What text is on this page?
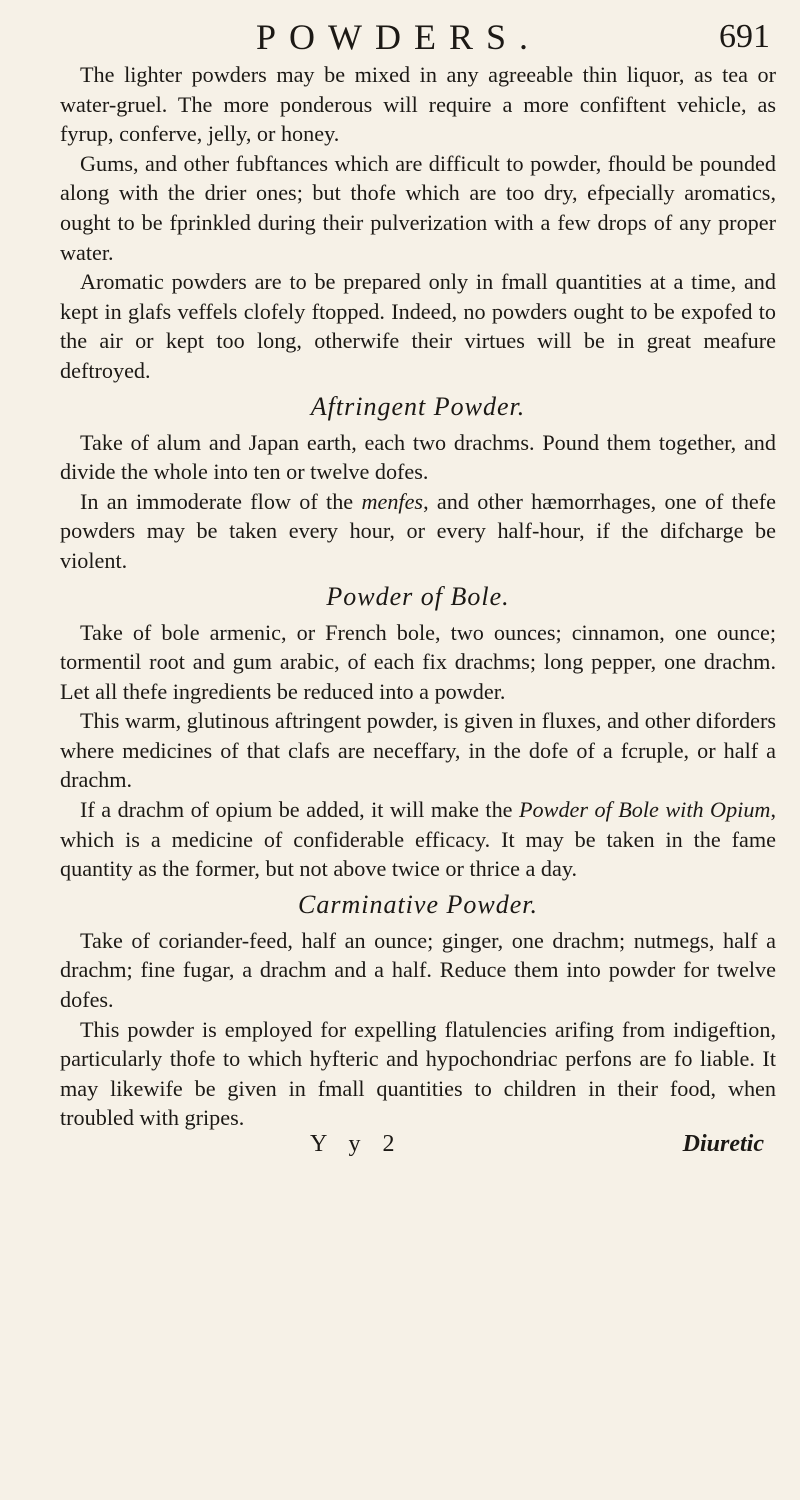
POWDERS.	691

The lighter powders may be mixed in any agreeable thin liquor, as tea or water-gruel. The more ponderous will require a more confiftent vehicle, as fyrup, conferve, jelly, or honey.

Gums, and other fubftances which are difficult to powder, fhould be pounded along with the drier ones; but thofe which are too dry, efpecially aromatics, ought to be fprinkled during their pulverization with a few drops of any proper water.

Aromatic powders are to be prepared only in fmall quantities at a time, and kept in glafs veffels clofely ftopped. Indeed, no powders ought to be expofed to the air or kept too long, otherwife their virtues will be in great meafure deftroyed.

Aftringent Powder.

Take of alum and Japan earth, each two drachms. Pound them together, and divide the whole into ten or twelve dofes.

In an immoderate flow of the menfes, and other hæmorrhages, one of thefe powders may be taken every hour, or every half-hour, if the difcharge be violent.

Powder of Bole.

Take of bole armenic, or French bole, two ounces; cinnamon, one ounce; tormentil root and gum arabic, of each fix drachms; long pepper, one drachm. Let all thefe ingredients be reduced into a powder.

This warm, glutinous aftringent powder, is given in fluxes, and other diforders where medicines of that clafs are neceffary, in the dofe of a fcruple, or half a drachm.

If a drachm of opium be added, it will make the Powder of Bole with Opium, which is a medicine of confiderable efficacy. It may be taken in the fame quantity as the former, but not above twice or thrice a day.

Carminative Powder.

Take of coriander-feed, half an ounce; ginger, one drachm; nutmegs, half a drachm; fine fugar, a drachm and a half. Reduce them into powder for twelve dofes.

This powder is employed for expelling flatulencies arifing from indigeftion, particularly thofe to which hyfteric and hypochondriac perfons are fo liable. It may likewife be given in fmall quantities to children in their food, when troubled with gripes.

Y y 2	Diuretic
